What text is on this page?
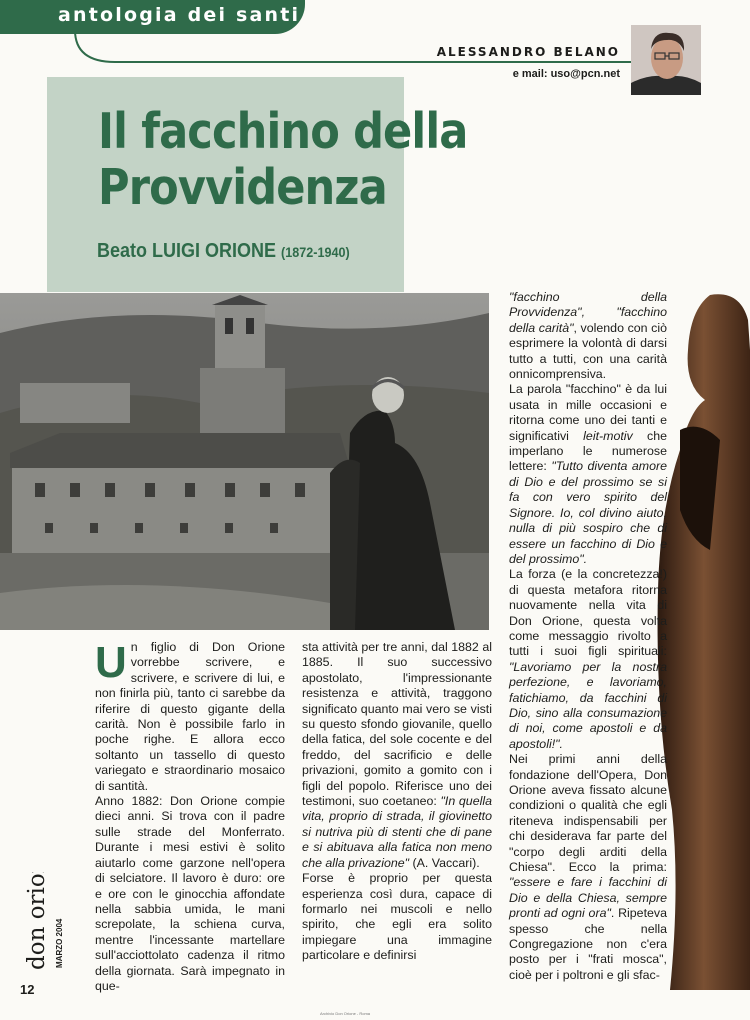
antologia dei santi
ALESSANDRO BELANO
e mail: uso@pcn.net
Il facchino della
Provvidenza
Beato LUIGI ORIONE (1872-1940)

Un figlio di Don Orione vorrebbe scrivere, e scrivere, e scrivere di lui, e non finirla più, tanto ci sarebbe da riferire di questo gigante della carità. Non è possibile farlo in poche righe. E allora ecco soltanto un tassello di questo variegato e straordinario mosaico di santità.

Anno 1882: Don Orione compie dieci anni. Si trova con il padre sulle strade del Monferrato. Durante i mesi estivi è solito aiutarlo come garzone nell'opera di selciatore. Il lavoro è duro: ore e ore con le ginocchia affondate nella sabbia umida, le mani screpolate, la schiena curva, mentre l'incessante martellare sull'acciottolato cadenza il ritmo della giornata. Sarà impegnato in que-

sta attività per tre anni, dal 1882 al 1885. Il suo successivo apostolato, l'impressionante resistenza e attività, traggono significato quanto mai vero se visti su questo sfondo giovanile, quello della fatica, del sole cocente e del freddo, del sacrificio e delle privazioni, gomito a gomito con i figli del popolo. Riferisce uno dei testimoni, suo coetaneo: "In quella vita, proprio di strada, il giovinetto si nutriva più di stenti che di pane e si abituava alla fatica non meno che alla privazione" (A. Vaccari).

Forse è proprio per questa esperienza così dura, capace di formarlo nei muscoli e nello spirito, che egli era solito impiegare una immagine particolare e definirsi

"facchino della Provvidenza", "facchino della carità", volendo con ciò esprimere la volontà di darsi tutto a tutti, con una carità onnicomprensiva.

La parola "facchino" è da lui usata in mille occasioni e ritorna come uno dei tanti e significativi leit-motiv che imperlano le numerose lettere: "Tutto diventa amore di Dio e del prossimo se si fa con vero spirito del Signore. Io, col divino aiuto, nulla di più sospiro che di essere un facchino di Dio e del prossimo".

La forza (e la concretezza!) di questa metafora ritorna nuovamente nella vita di Don Orione, questa volta come messaggio rivolto a tutti i suoi figli spirituali: "Lavoriamo per la nostra perfezione, e lavoriamo, fatichiamo, da facchini di Dio, sino alla consumazione di noi, come apostoli e da apostoli!".

Nei primi anni della fondazione dell'Opera, Don Orione aveva fissato alcune condizioni o qualità che egli riteneva indispensabili per chi desiderava far parte del "corpo degli arditi della Chiesa". Ecco la prima: "essere e fare i facchini di Dio e della Chiesa, sempre pronti ad ogni ora". Ripeteva spesso che nella Congregazione non c'era posto per i "frati mosca", cioè per i poltroni e gli sfac-

don orione oggi MARZO 2004
12
Archivio Don Orione - Roma
